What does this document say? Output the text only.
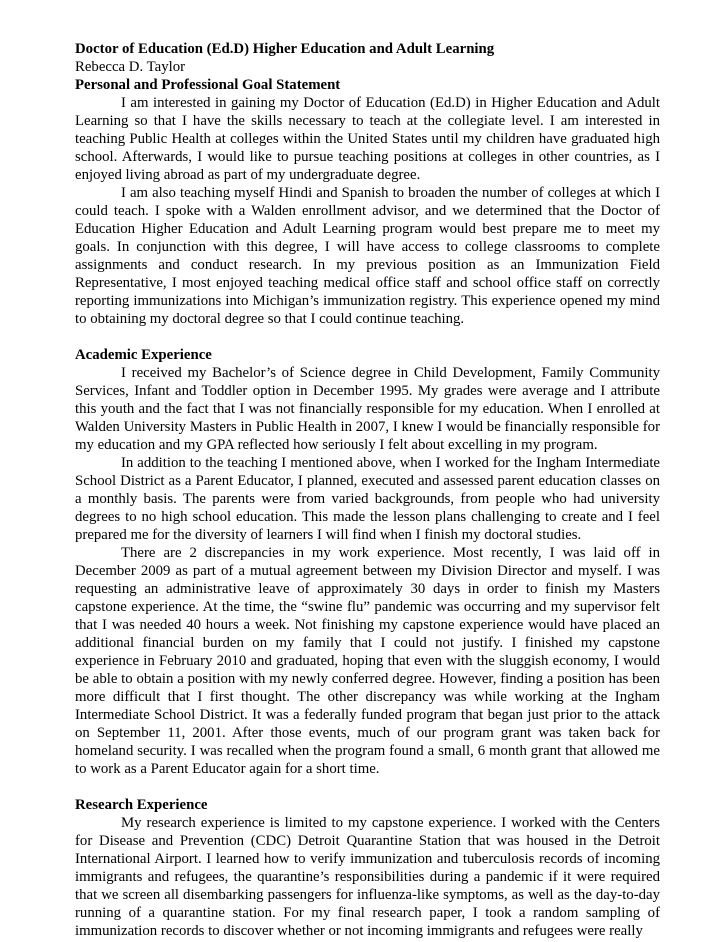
Doctor of Education (Ed.D) Higher Education and Adult Learning
Rebecca D. Taylor
Personal and Professional Goal Statement

I am interested in gaining my Doctor of Education (Ed.D) in Higher Education and Adult Learning so that I have the skills necessary to teach at the collegiate level. I am interested in teaching Public Health at colleges within the United States until my children have graduated high school. Afterwards, I would like to pursue teaching positions at colleges in other countries, as I enjoyed living abroad as part of my undergraduate degree.

I am also teaching myself Hindi and Spanish to broaden the number of colleges at which I could teach. I spoke with a Walden enrollment advisor, and we determined that the Doctor of Education Higher Education and Adult Learning program would best prepare me to meet my goals. In conjunction with this degree, I will have access to college classrooms to complete assignments and conduct research. In my previous position as an Immunization Field Representative, I most enjoyed teaching medical office staff and school office staff on correctly reporting immunizations into Michigan’s immunization registry. This experience opened my mind to obtaining my doctoral degree so that I could continue teaching.

Academic Experience

I received my Bachelor’s of Science degree in Child Development, Family Community Services, Infant and Toddler option in December 1995. My grades were average and I attribute this youth and the fact that I was not financially responsible for my education. When I enrolled at Walden University Masters in Public Health in 2007, I knew I would be financially responsible for my education and my GPA reflected how seriously I felt about excelling in my program.

In addition to the teaching I mentioned above, when I worked for the Ingham Intermediate School District as a Parent Educator, I planned, executed and assessed parent education classes on a monthly basis. The parents were from varied backgrounds, from people who had university degrees to no high school education. This made the lesson plans challenging to create and I feel prepared me for the diversity of learners I will find when I finish my doctoral studies.

There are 2 discrepancies in my work experience. Most recently, I was laid off in December 2009 as part of a mutual agreement between my Division Director and myself. I was requesting an administrative leave of approximately 30 days in order to finish my Masters capstone experience. At the time, the “swine flu” pandemic was occurring and my supervisor felt that I was needed 40 hours a week. Not finishing my capstone experience would have placed an additional financial burden on my family that I could not justify. I finished my capstone experience in February 2010 and graduated, hoping that even with the sluggish economy, I would be able to obtain a position with my newly conferred degree. However, finding a position has been more difficult that I first thought. The other discrepancy was while working at the Ingham Intermediate School District. It was a federally funded program that began just prior to the attack on September 11, 2001. After those events, much of our program grant was taken back for homeland security. I was recalled when the program found a small, 6 month grant that allowed me to work as a Parent Educator again for a short time.

Research Experience

My research experience is limited to my capstone experience. I worked with the Centers for Disease and Prevention (CDC) Detroit Quarantine Station that was housed in the Detroit International Airport. I learned how to verify immunization and tuberculosis records of incoming immigrants and refugees, the quarantine’s responsibilities during a pandemic if it were required that we screen all disembarking passengers for influenza-like symptoms, as well as the day-to-day running of a quarantine station. For my final research paper, I took a random sampling of immunization records to discover whether or not incoming immigrants and refugees were really
